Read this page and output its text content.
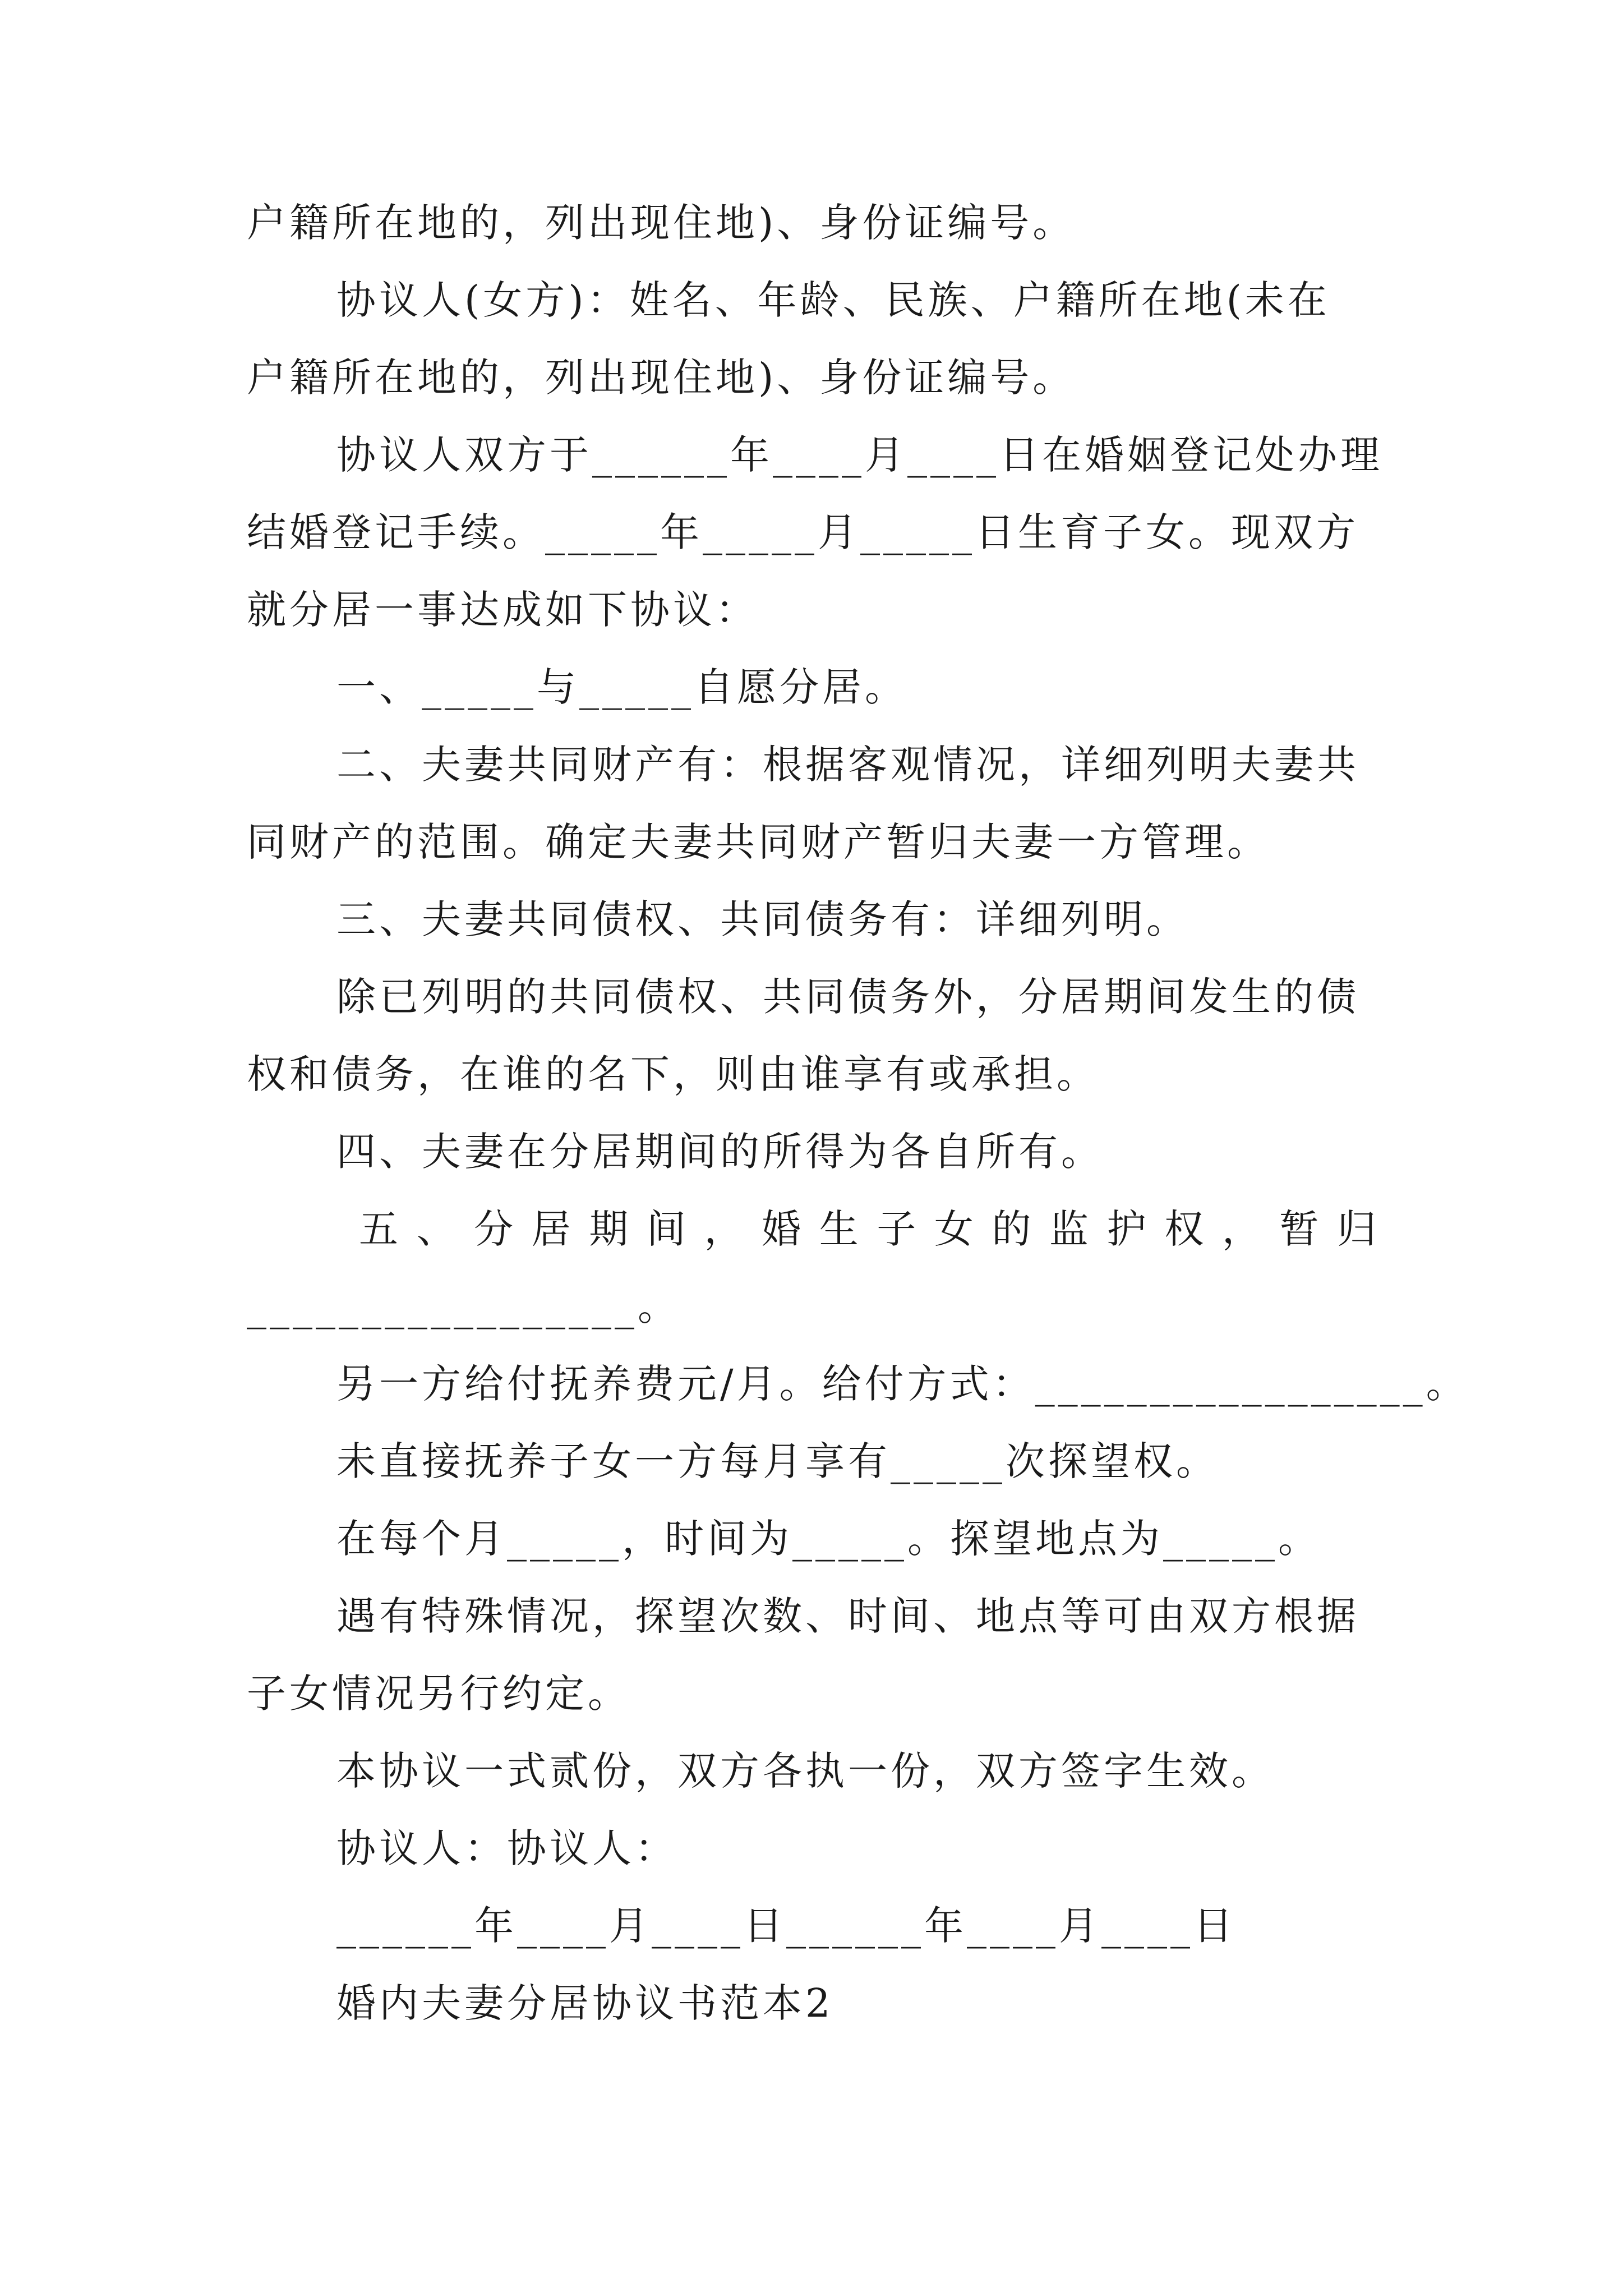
户籍所在地的，列出现住地)、身份证编号。
协议人(女方)：姓名、年龄、民族、户籍所在地(未在
户籍所在地的，列出现住地)、身份证编号。
协议人双方于______年____月____日在婚姻登记处办理
结婚登记手续。_____年_____月_____日生育子女。现双方
就分居一事达成如下协议：
一、_____与_____自愿分居。
二、夫妻共同财产有：根据客观情况，详细列明夫妻共
同财产的范围。确定夫妻共同财产暂归夫妻一方管理。
三、夫妻共同债权、共同债务有：详细列明。
除已列明的共同债权、共同债务外，分居期间发生的债
权和债务，在谁的名下，则由谁享有或承担。
四、夫妻在分居期间的所得为各自所有。
五、分居期间，婚生子女的监护权，暂归
_________________。
另一方给付抚养费元/月。给付方式：_________________。
未直接抚养子女一方每月享有_____次探望权。
在每个月_____，时间为_____。探望地点为_____。
遇有特殊情况，探望次数、时间、地点等可由双方根据
子女情况另行约定。
本协议一式贰份，双方各执一份，双方签字生效。
协议人：协议人：
______年____月____日______年____月____日
婚内夫妻分居协议书范本2
